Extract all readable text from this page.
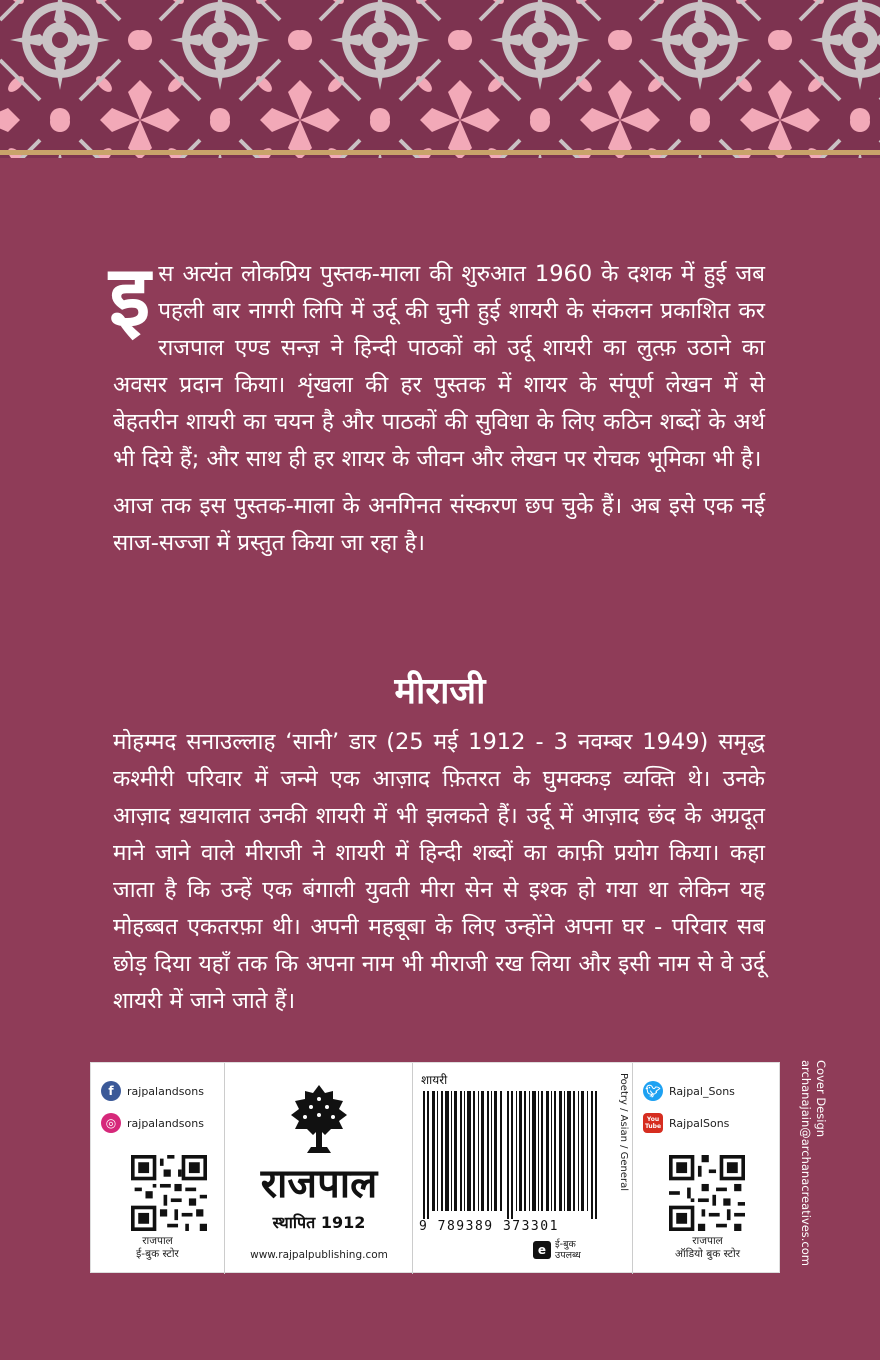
इस अत्यंत लोकप्रिय पुस्तक-माला की शुरुआत 1960 के दशक में हुई जब पहली बार नागरी लिपि में उर्दू की चुनी हुई शायरी के संकलन प्रकाशित कर राजपाल एण्ड सन्ज़ ने हिन्दी पाठकों को उर्दू शायरी का लुत्फ़ उठाने का अवसर प्रदान किया। शृंखला की हर पुस्तक में शायर के संपूर्ण लेखन में से बेहतरीन शायरी का चयन है और पाठकों की सुविधा के लिए कठिन शब्दों के अर्थ भी दिये हैं; और साथ ही हर शायर के जीवन और लेखन पर रोचक भूमिका भी है।

आज तक इस पुस्तक-माला के अनगिनत संस्करण छप चुके हैं। अब इसे एक नई साज-सज्जा में प्रस्तुत किया जा रहा है।

मीराजी

मोहम्मद सनाउल्लाह ‘सानी’ डार (25 मई 1912 - 3 नवम्बर 1949) समृद्ध कश्मीरी परिवार में जन्मे एक आज़ाद फ़ितरत के घुमक्कड़ व्यक्ति थे। उनके आज़ाद ख़यालात उनकी शायरी में भी झलकते हैं। उर्दू में आज़ाद छंद के अग्रदूत माने जाने वाले मीराजी ने शायरी में हिन्दी शब्दों का काफ़ी प्रयोग किया। कहा जाता है कि उन्हें एक बंगाली युवती मीरा सेन से इश्क हो गया था लेकिन यह मोहब्बत एकतरफ़ा थी। अपनी महबूबा के लिए उन्होंने अपना घर - परिवार सब छोड़ दिया यहाँ तक कि अपना नाम भी मीराजी रख लिया और इसी नाम से वे उर्दू शायरी में जाने जाते हैं।

Cover Design
archanajain@archanacreatives.com
f	rajpalandsons
◎ rajpalandsons
राजपाल
ई-बुक स्टोर
राजपाल
स्थापित 1912
www.rajpalpublishing.com
शायरी
9 789389 373301
Poetry / Asian / General
e ई-बुक
उपलब्ध
🐦︎ Rajpal_Sons
You
Tube RajpalSons
राजपाल
ऑडियो बुक स्टोर
